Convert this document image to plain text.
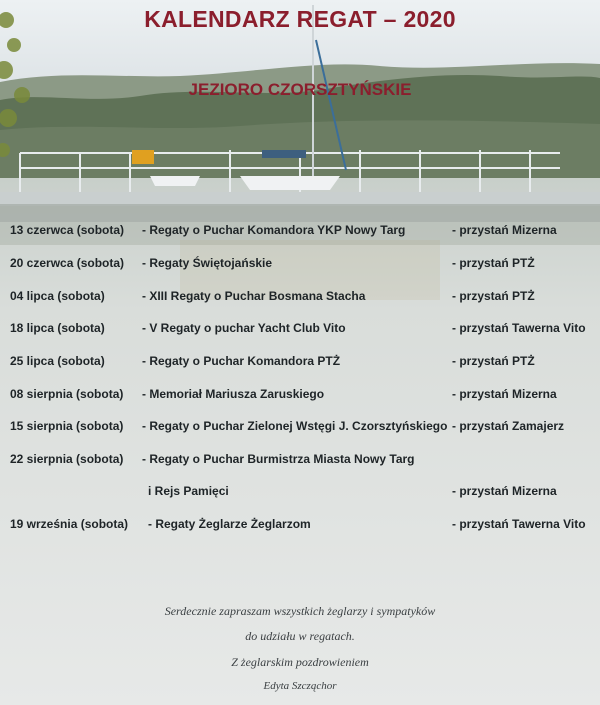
KALENDARZ REGAT – 2020
JEZIORO CZORSZTYŃSKIE
13 czerwca (sobota) - Regaty o Puchar Komandora YKP Nowy Targ	- przystań Mizerna
20 czerwca (sobota) - Regaty Świętojańskie	- przystań PTŻ
04 lipca (sobota)	- XIII Regaty o Puchar Bosmana Stacha	- przystań PTŻ
18 lipca (sobota)	- V Regaty o puchar Yacht Club Vito	- przystań Tawerna Vito
25 lipca (sobota)	- Regaty o Puchar Komandora PTŻ	- przystań PTŻ
08 sierpnia (sobota) - Memoriał Mariusza Zaruskiego	- przystań Mizerna
15 sierpnia (sobota) - Regaty o Puchar Zielonej Wstęgi J. Czorsztyńskiego - przystań Zamajerz
22 sierpnia (sobota) - Regaty o Puchar Burmistrza Miasta Nowy Targ
i Rejs Pamięci	- przystań Mizerna
19 września (sobota) - Regaty Żeglarze Żeglarzom	- przystań Tawerna Vito
Serdecznie zapraszam wszystkich żeglarzy i sympatyków
do udziału w regatach.
Z żeglarskim pozdrowieniem
Edyta Szcząchor
